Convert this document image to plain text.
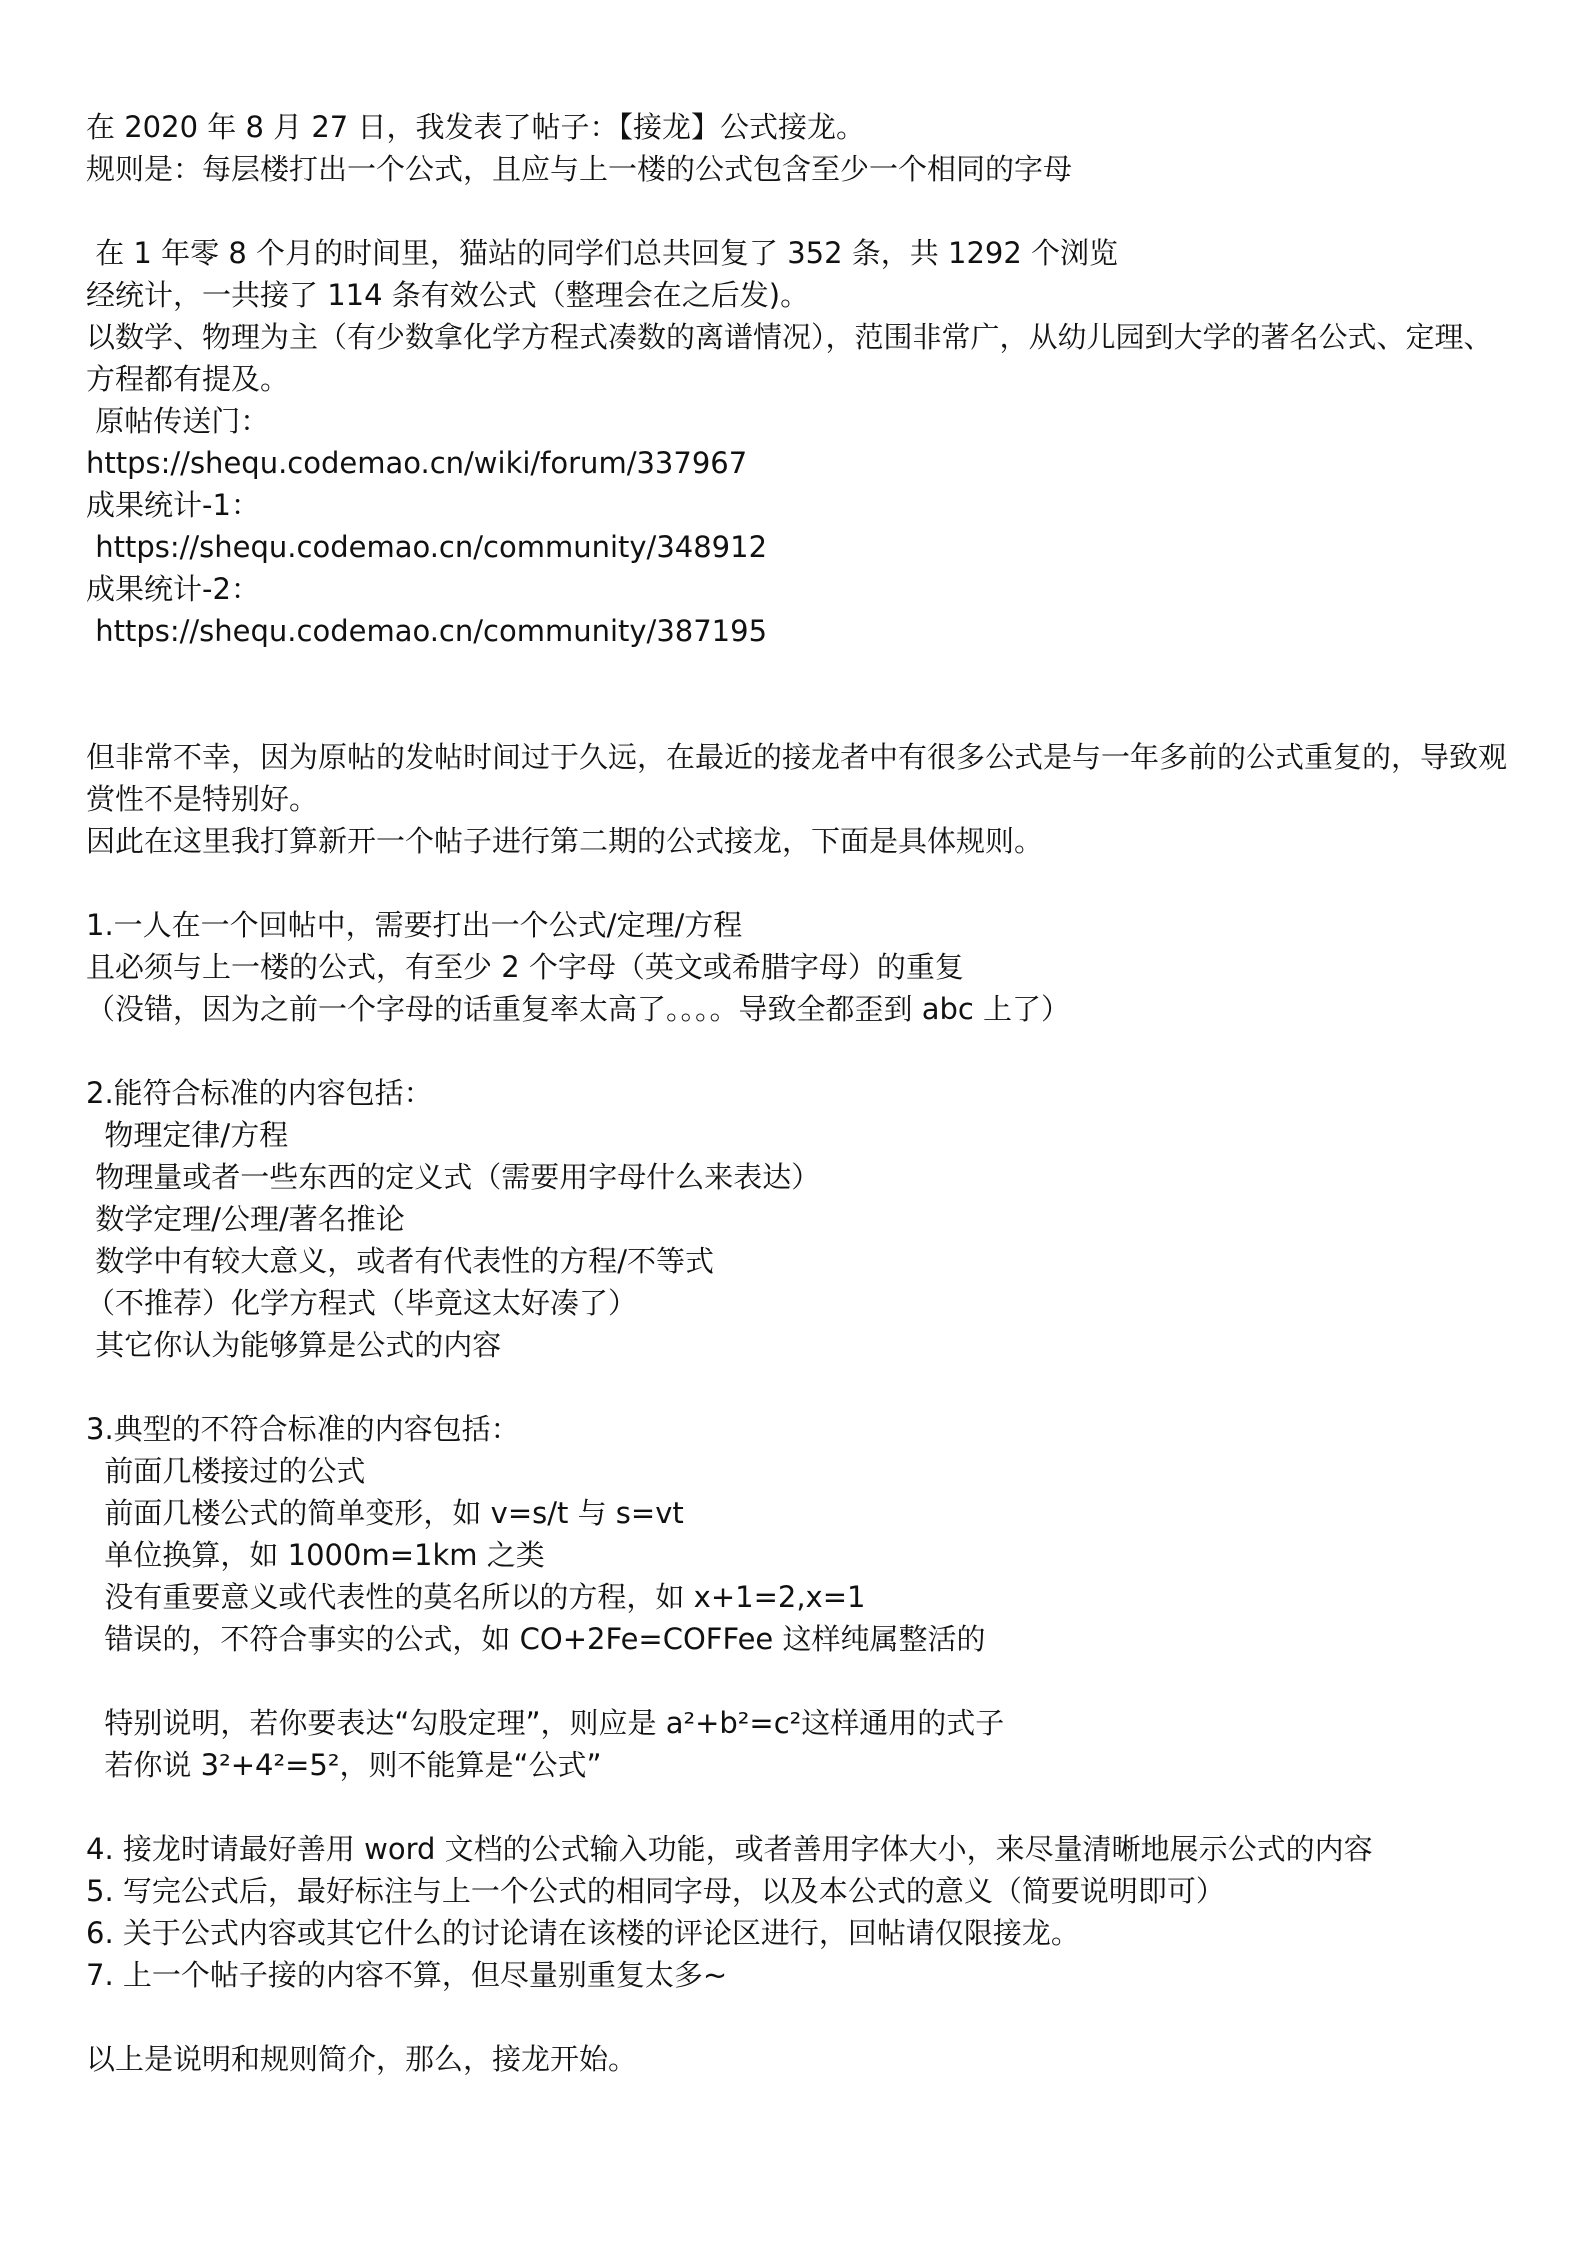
在 2020 年 8 月 27 日，我发表了帖子：【接龙】公式接龙。

规则是：每层楼打出一个公式，且应与上一楼的公式包含至少一个相同的字母

在 1 年零 8 个月的时间里，猫站的同学们总共回复了 352 条，共 1292 个浏览

经统计，一共接了 114 条有效公式（整理会在之后发)。

以数学、物理为主（有少数拿化学方程式凑数的离谱情况），范围非常广，从幼儿园到大学的著名公式、定理、方程都有提及。

原帖传送门：

https://shequ.codemao.cn/wiki/forum/337967

成果统计-1：

https://shequ.codemao.cn/community/348912

成果统计-2：

https://shequ.codemao.cn/community/387195

但非常不幸，因为原帖的发帖时间过于久远，在最近的接龙者中有很多公式是与一年多前的公式重复的，导致观赏性不是特别好。

因此在这里我打算新开一个帖子进行第二期的公式接龙，下面是具体规则。

1.一人在一个回帖中，需要打出一个公式/定理/方程

且必须与上一楼的公式，有至少 2 个字母（英文或希腊字母）的重复

（没错，因为之前一个字母的话重复率太高了。。。。导致全都歪到 abc 上了）

2.能符合标准的内容包括：

物理定律/方程

物理量或者一些东西的定义式（需要用字母什么来表达）

数学定理/公理/著名推论

数学中有较大意义，或者有代表性的方程/不等式

（不推荐）化学方程式（毕竟这太好凑了）

其它你认为能够算是公式的内容

3.典型的不符合标准的内容包括：

前面几楼接过的公式

前面几楼公式的简单变形，如 v=s/t 与 s=vt

单位换算，如 1000m=1km 之类

没有重要意义或代表性的莫名所以的方程，如 x+1=2,x=1

错误的，不符合事实的公式，如 CO+2Fe=COFFee 这样纯属整活的

特别说明，若你要表达“勾股定理”，则应是 a²+b²=c²这样通用的式子

若你说 3²+4²=5²，则不能算是“公式”

4. 接龙时请最好善用 word 文档的公式输入功能，或者善用字体大小，来尽量清晰地展示公式的内容

5. 写完公式后，最好标注与上一个公式的相同字母，以及本公式的意义（简要说明即可）

6. 关于公式内容或其它什么的讨论请在该楼的评论区进行，回帖请仅限接龙。

7. 上一个帖子接的内容不算，但尽量别重复太多~

以上是说明和规则简介，那么，接龙开始。
